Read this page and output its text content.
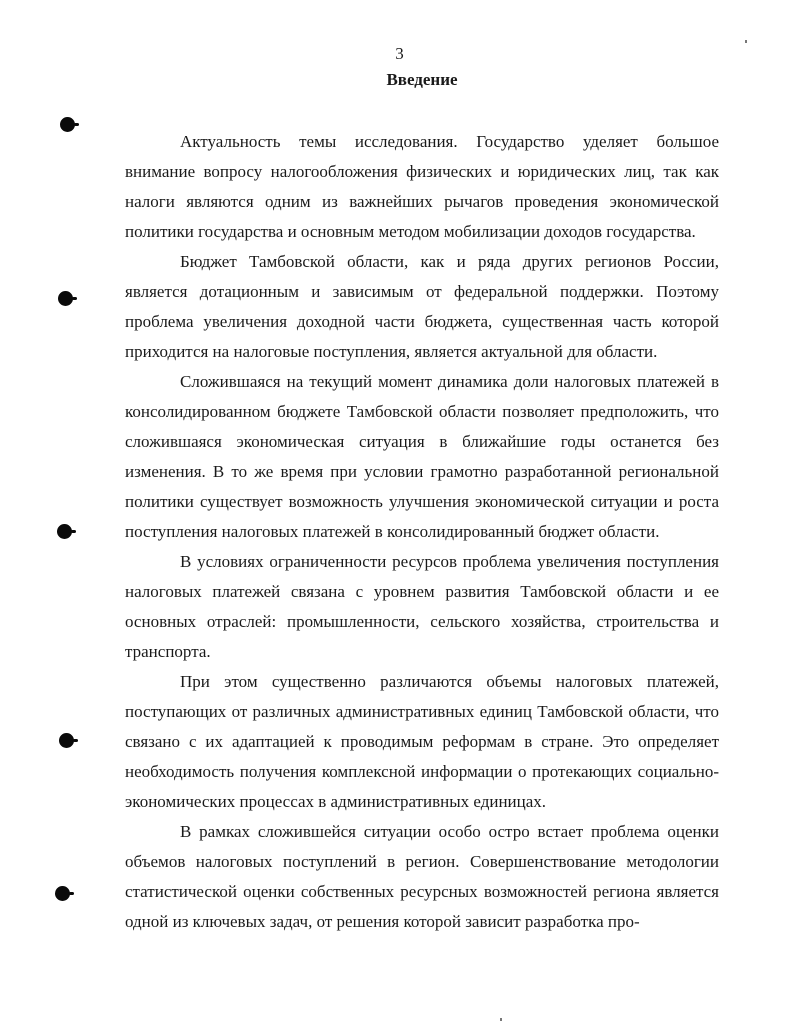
3
Введение

Актуальность темы исследования. Государство уделяет большое внимание вопросу налогообложения физических и юридических лиц, так как налоги являются одним из важнейших рычагов проведения экономической политики государства и основным методом мобилизации доходов государства.

Бюджет Тамбовской области, как и ряда других регионов России, является дотационным и зависимым от федеральной поддержки. Поэтому проблема увеличения доходной части бюджета, существенная часть которой приходится на налоговые поступления, является актуальной для области.

Сложившаяся на текущий момент динамика доли налоговых платежей в консолидированном бюджете Тамбовской области позволяет предположить, что сложившаяся экономическая ситуация в ближайшие годы останется без изменения. В то же время при условии грамотно разработанной региональной политики существует возможность улучшения экономической ситуации и роста поступления налоговых платежей в консолидированный бюджет области.

В условиях ограниченности ресурсов проблема увеличения поступления налоговых платежей связана с уровнем развития Тамбовской области и ее основных отраслей: промышленности, сельского хозяйства, строительства и транспорта.

При этом существенно различаются объемы налоговых платежей, поступающих от различных административных единиц Тамбовской области, что связано с их адаптацией к проводимым реформам в стране. Это определяет необходимость получения комплексной информации о протекающих социально-экономических процессах в административных единицах.

В рамках сложившейся ситуации особо остро встает проблема оценки объемов налоговых поступлений в регион. Совершенствование методологии статистической оценки собственных ресурсных возможностей региона является одной из ключевых задач, от решения которой зависит разработка про-
